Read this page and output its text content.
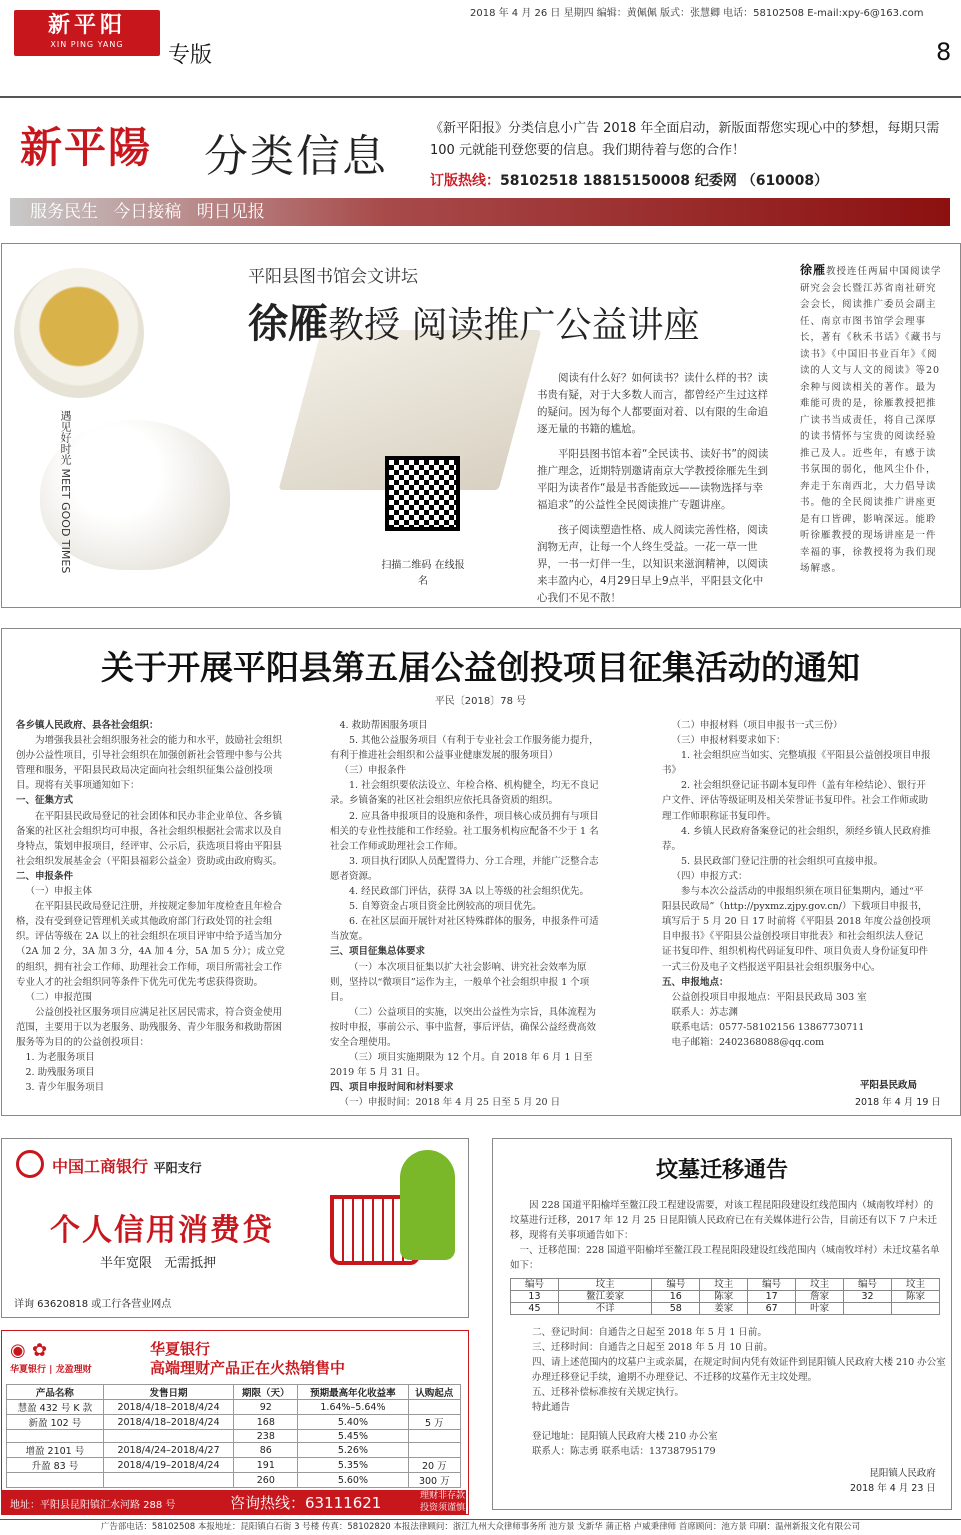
2018 年 4 月 26 日 星期四 编辑：黄佩佩 版式：张慧卿 电话：58102508 E-mail:xpy-6@163.com
新平阳
XIN PING YANG	专版	8
新平陽 分类信息
《新平阳报》分类信息小广告 2018 年全面启动，新版面帮您实现心中的梦想，每期只需 100 元就能刊登您要的信息。我们期待着与您的合作！
订版热线：58102518 18815150008 纪委网 （610008）
服务民生 今日接稿 明日见报
遇见好时光 MEET GOOD TIMES
平阳县图书馆会文讲坛
徐雁教授 阅读推广公益讲座
扫描二维码 在线报名

阅读有什么好？如何读书？读什么样的书？读书贵有疑，对于大多数人而言，都曾经产生过这样的疑问。因为每个人都要面对着、以有限的生命追逐无量的书籍的尴尬。

平阳县图书馆本着“全民读书、读好书”的阅读推广理念，近期特别邀请南京大学教授徐雁先生到平阳为读者作“最是书香能致远——读物选择与幸福追求”的公益性全民阅读推广专题讲座。

孩子阅读塑造性格、成人阅读完善性格，阅读润物无声，让每一个人终生受益。一花一草一世界，一书一灯伴一生，以知识来滋润精神，以阅读来丰盈内心，4月29日早上9点半，平阳县文化中心我们不见不散！

徐雁教授连任两届中国阅读学研究会会长暨江苏省南社研究会会长，阅读推广委员会副主任、南京市图书馆学会理事长，著有《秋禾书话》《藏书与读书》《中国旧书业百年》《阅读的人文与人文的阅读》等20余种与阅读相关的著作。最为难能可贵的是，徐雁教授把推广读书当成责任，将自己深厚的读书情怀与宝贵的阅读经验推己及人。近些年，有感于读书氛围的弱化，他风尘仆仆，奔走于东南西北，大力倡导读书。他的全民阅读推广讲座更是有口皆碑，影响深远。能聆听徐雁教授的现场讲座是一件幸福的事，徐教授将为我们现场解惑。
关于开展平阳县第五届公益创投项目征集活动的通知
平民〔2018〕78 号

各乡镇人民政府、县各社会组织：

为增强我县社会组织服务社会的能力和水平，鼓励社会组织创办公益性项目，引导社会组织在加强创新社会管理中参与公共管理和服务，平阳县民政局决定面向社会组织征集公益创投项目。现将有关事项通知如下：

一、征集方式

在平阳县民政局登记的社会团体和民办非企业单位、各乡镇备案的社区社会组织均可申报，各社会组织根据社会需求以及自身特点，策划申报项目，经评审、公示后，获选项目将由平阳县社会组织发展基金会（平阳县福彩公益金）资助或由政府购买。

二、申报条件

（一）申报主体

在平阳县民政局登记注册，并按规定参加年度检查且年检合格，没有受到登记管理机关或其他政府部门行政处罚的社会组织。评估等级在 2A 以上的社会组织在项目评审中给予适当加分（2A 加 2 分，3A 加 3 分，4A 加 4 分，5A 加 5 分）；成立党的组织，拥有社会工作师、助理社会工作师，项目所需社会工作专业人才的社会组织同等条件下优先可优先考虑获得资助。

（二）申报范围

公益创投社区服务项目应满足社区居民需求，符合资金使用范围，主要用于以为老服务、助残服务、青少年服务和救助帮困服务等为目的的公益创投项目：

1. 为老服务项目

2. 助残服务项目

3. 青少年服务项目

4. 救助帮困服务项目

5. 其他公益服务项目（有利于专业社会工作服务能力提升，有利于推进社会组织和公益事业健康发展的服务项目）

（三）申报条件

1. 社会组织要依法设立、年检合格、机构健全，均无不良记录。乡镇备案的社区社会组织应依托具备资质的组织。

2. 应具备申报项目的设施和条件，项目核心成员拥有与项目相关的专业性技能和工作经验。社工服务机构应配备不少于 1 名社会工作师或助理社会工作师。

3. 项目执行团队人员配置得力、分工合理，并能广泛整合志愿者资源。

4. 经民政部门评估，获得 3A 以上等级的社会组织优先。

5. 自筹资金占项目资金比例较高的项目优先。

6. 在社区层面开展针对社区特殊群体的服务，申报条件可适当放宽。

三、项目征集总体要求

（一）本次项目征集以扩大社会影响、讲究社会效率为原则，坚持以“微项目”运作为主，一般单个社会组织申报 1 个项目。

（二）公益项目的实施，以突出公益性为宗旨，具体流程为按时申报，事前公示、事中监督，事后评估，确保公益经费高效安全合理使用。

（三）项目实施期限为 12 个月。自 2018 年 6 月 1 日至 2019 年 5 月 31 日。

四、项目申报时间和材料要求

（一）申报时间：2018 年 4 月 25 日至 5 月 20 日

（二）申报材料（项目申报书一式三份）

（三）申报材料要求如下：

1. 社会组织应当如实、完整填报《平阳县公益创投项目申报书》

2. 社会组织登记证书副本复印件（盖有年检结论）、银行开户文件、评估等级证明及相关荣誉证书复印件。社会工作师或助理工作师职称证书复印件。

4. 乡镇人民政府备案登记的社会组织，须经乡镇人民政府推荐。

5. 县民政部门登记注册的社会组织可直接申报。

（四）申报方式：

参与本次公益活动的申报组织须在项目征集期内，通过“平阳县民政局”（http://pyxmz.zjpy.gov.cn/）下载项目申报书，填写后于 5 月 20 日 17 时前将《平阳县 2018 年度公益创投项目申报书》《平阳县公益创投项目审批表》和社会组织法人登记证书复印件、组织机构代码证复印件、项目负责人身份证复印件一式三份及电子文档报送平阳县社会组织服务中心。

五、申报地点：

公益创投项目申报地点：平阳县民政局 303 室

联系人：苏志渊

联系电话：0577-58102156 13867730711

电子邮箱：2402368088@qq.com

平阳县民政局
2018 年 4 月 19 日
中国工商银行 平阳支行
个人信用消费贷
半年宽限 无需抵押
详询 63620818 或工行各营业网点
◉ ✿
华夏银行 | 龙盈理财
华夏银行
高端理财产品正在火热销售中
产品名称	发售日期	期限（天）	预期最高年化收益率	认购起点
慧盈 432 号 K 款	2018/4/18–2018/4/24	92	1.64%–5.64%	
新盈 102 号	2018/4/18–2018/4/24	168	5.40%	5 万
		238	5.45%	
增盈 2101 号	2018/4/24–2018/4/27	86	5.26%	
升盈 83 号	2018/4/19–2018/4/24	191	5.35%	20 万
		260	5.60%	300 万
地址：平阳县昆阳镇汇水河路 288 号	咨询热线：63111621	理财非存款
投资须谨慎
坟墓迁移通告

因 228 国道平阳榆垟至鳌江段工程建设需要，对该工程昆阳段建设红线范围内（城南牧垟村）的坟墓进行迁移，2017 年 12 月 25 日昆阳镇人民政府已在有关媒体进行公告，目前还有以下 7 户未迁移，现将有关事项通告如下：

一、迁移范围：228 国道平阳榆垟至鳌江段工程昆阳段建设红线范围内（城南牧垟村）未迁坟墓名单如下：

编号	坟主	编号	坟主	编号	坟主	编号	坟主
13	鳌江姜家	16	陈家	17	詹家	32	陈家
45	不详	58	姜家	67	叶家		

二、登记时间：自通告之日起至 2018 年 5 月 1 日前。

三、迁移时间：自通告之日起至 2018 年 5 月 10 日前。

四、请上述范围内的坟墓户主或亲属，在规定时间内凭有效证件到昆阳镇人民政府大楼 210 办公室办理迁移登记手续，逾期不办理登记、不迁移的坟墓作无主坟处理。

五、迁移补偿标准按有关规定执行。

特此通告

登记地址：昆阳镇人民政府大楼 210 办公室

联系人：陈志勇 联系电话：13738795179

昆阳镇人民政府
2018 年 4 月 23 日
广告部电话：58102508 本报地址：昆阳镇白石街 3 号楼 传真：58102820 本报法律顾问：浙江九州大众律师事务所 池方景 戈新华 蒲正格 卢威秉律师 首席顾问：池方景 印刷：温州新报文化有限公司
